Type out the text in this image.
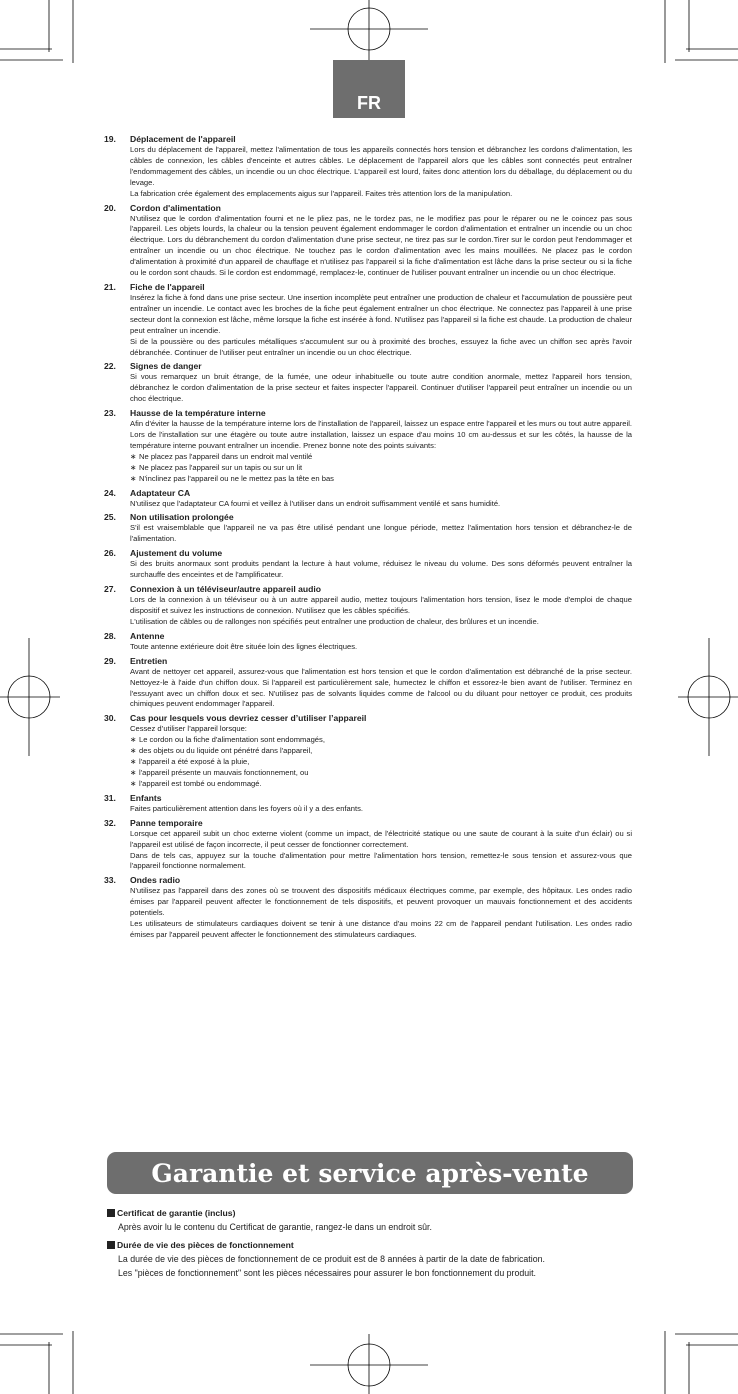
FR
19.	Déplacement de l'appareil

Lors du déplacement de l'appareil, mettez l'alimentation de tous les appareils connectés hors tension et débranchez les cordons d'alimentation, les câbles de connexion, les câbles d'enceinte et autres câbles. Le déplacement de l'appareil alors que les câbles sont connectés peut entraîner l'endommagement des câbles, un incendie ou un choc électrique. L'appareil est lourd, faites donc attention lors du déballage, du déplacement ou du levage.

La fabrication crée également des emplacements aigus sur l'appareil. Faites très attention lors de la manipulation.

20.	Cordon d'alimentation

N'utilisez que le cordon d'alimentation fourni et ne le pliez pas, ne le tordez pas, ne le modifiez pas pour le réparer ou ne le coincez pas sous l'appareil. Les objets lourds, la chaleur ou la tension peuvent également endommager le cordon d'alimentation et entraîner un incendie ou un choc électrique. Lors du débranchement du cordon d'alimentation d'une prise secteur, ne tirez pas sur le cordon.Tirer sur le cordon peut l'endommager et entraîner un incendie ou un choc électrique. Ne touchez pas le cordon d'alimentation avec les mains mouillées. Ne placez pas le cordon d'alimentation à proximité d'un appareil de chauffage et n'utilisez pas l'appareil si la fiche d'alimentation est lâche dans la prise secteur ou si la fiche ou le cordon sont chauds. Si le cordon est endommagé, remplacez-le, continuer de l'utiliser pouvant entraîner un incendie ou un choc électrique.

21.	Fiche de l'appareil

Insérez la fiche à fond dans une prise secteur. Une insertion incomplète peut entraîner une production de chaleur et l'accumulation de poussière peut entraîner un incendie. Le contact avec les broches de la fiche peut également entraîner un choc électrique. Ne connectez pas l'appareil à une prise secteur dont la connexion est lâche, même lorsque la fiche est insérée à fond. N'utilisez pas l'appareil si la fiche est chaude. La production de chaleur peut entraîner un incendie.

Si de la poussière ou des particules métalliques s'accumulent sur ou à proximité des broches, essuyez la fiche avec un chiffon sec après l'avoir débranchée. Continuer de l'utiliser peut entraîner un incendie ou un choc électrique.

22.	Signes de danger

Si vous remarquez un bruit étrange, de la fumée, une odeur inhabituelle ou toute autre condition anormale, mettez l'appareil hors tension, débranchez le cordon d'alimentation de la prise secteur et faites inspecter l'appareil. Continuer d'utiliser l'appareil peut entraîner un incendie ou un choc électrique.

23.	Hausse de la température interne

Afin d'éviter la hausse de la température interne lors de l'installation de l'appareil, laissez un espace entre l'appareil et les murs ou tout autre appareil. Lors de l'installation sur une étagère ou toute autre installation, laissez un espace d'au moins 10 cm au-dessus et sur les côtés, la hausse de la température interne pouvant entraîner un incendie. Prenez bonne note des points suivants:

∗ Ne placez pas l'appareil dans un endroit mal ventilé
∗ Ne placez pas l'appareil sur un tapis ou sur un lit
∗ N'inclinez pas l'appareil ou ne le mettez pas la tête en bas
24.	Adaptateur CA

N'utilisez que l'adaptateur CA fourni et veillez à l'utiliser dans un endroit suffisamment ventilé et sans humidité.

25.	Non utilisation prolongée

S'il est vraisemblable que l'appareil ne va pas être utilisé pendant une longue période, mettez l'alimentation hors tension et débranchez-le de l'alimentation.

26.	Ajustement du volume

Si des bruits anormaux sont produits pendant la lecture à haut volume, réduisez le niveau du volume. Des sons déformés peuvent entraîner la surchauffe des enceintes et de l'amplificateur.

27.	Connexion à un téléviseur/autre appareil audio

Lors de la connexion à un téléviseur ou à un autre appareil audio, mettez toujours l'alimentation hors tension, lisez le mode d'emploi de chaque dispositif et suivez les instructions de connexion. N'utilisez que les câbles spécifiés.

L'utilisation de câbles ou de rallonges non spécifiés peut entraîner une production de chaleur, des brûlures et un incendie.

28.	Antenne

Toute antenne extérieure doit être située loin des lignes électriques.

29.	Entretien

Avant de nettoyer cet appareil, assurez-vous que l'alimentation est hors tension et que le cordon d'alimentation est débranché de la prise secteur. Nettoyez-le à l'aide d'un chiffon doux. Si l'appareil est particulièrement sale, humectez le chiffon et essorez-le bien avant de l'utiliser. Terminez en l'essuyant avec un chiffon doux et sec. N'utilisez pas de solvants liquides comme de l'alcool ou du diluant pour nettoyer ce produit, ces produits chimiques peuvent endommager l'appareil.

30.	Cas pour lesquels vous devriez cesser d’utiliser l’appareil

Cessez d’utiliser l’appareil lorsque:

∗ Le cordon ou la fiche d'alimentation sont endommagés,
∗ des objets ou du liquide ont pénétré dans l'appareil,
∗ l'appareil a été exposé à la pluie,
∗ l'appareil présente un mauvais fonctionnement, ou
∗ l'appareil est tombé ou endommagé.
31.	Enfants

Faites particulièrement attention dans les foyers où il y a des enfants.

32.	Panne temporaire

Lorsque cet appareil subit un choc externe violent (comme un impact, de l'électricité statique ou une saute de courant à la suite d'un éclair) ou si l'appareil est utilisé de façon incorrecte, il peut cesser de fonctionner correctement.

Dans de tels cas, appuyez sur la touche d'alimentation pour mettre l'alimentation hors tension, remettez-le sous tension et assurez-vous que l'appareil fonctionne normalement.

33.	Ondes radio

N'utilisez pas l'appareil dans des zones où se trouvent des dispositifs médicaux électriques comme, par exemple, des hôpitaux. Les ondes radio émises par l'appareil peuvent affecter le fonctionnement de tels dispositifs, et peuvent provoquer un mauvais fonctionnement et des accidents potentiels.

Les utilisateurs de stimulateurs cardiaques doivent se tenir à une distance d'au moins 22 cm de l'appareil pendant l'utilisation. Les ondes radio émises par l'appareil peuvent affecter le fonctionnement des stimulateurs cardiaques.

Garantie et service après-vente
Certificat de garantie (inclus)

Après avoir lu le contenu du Certificat de garantie, rangez-le dans un endroit sûr.

Durée de vie des pièces de fonctionnement

La durée de vie des pièces de fonctionnement de ce produit est de 8 années à partir de la date de fabrication.

Les "pièces de fonctionnement" sont les pièces nécessaires pour assurer le bon fonctionnement du produit.
